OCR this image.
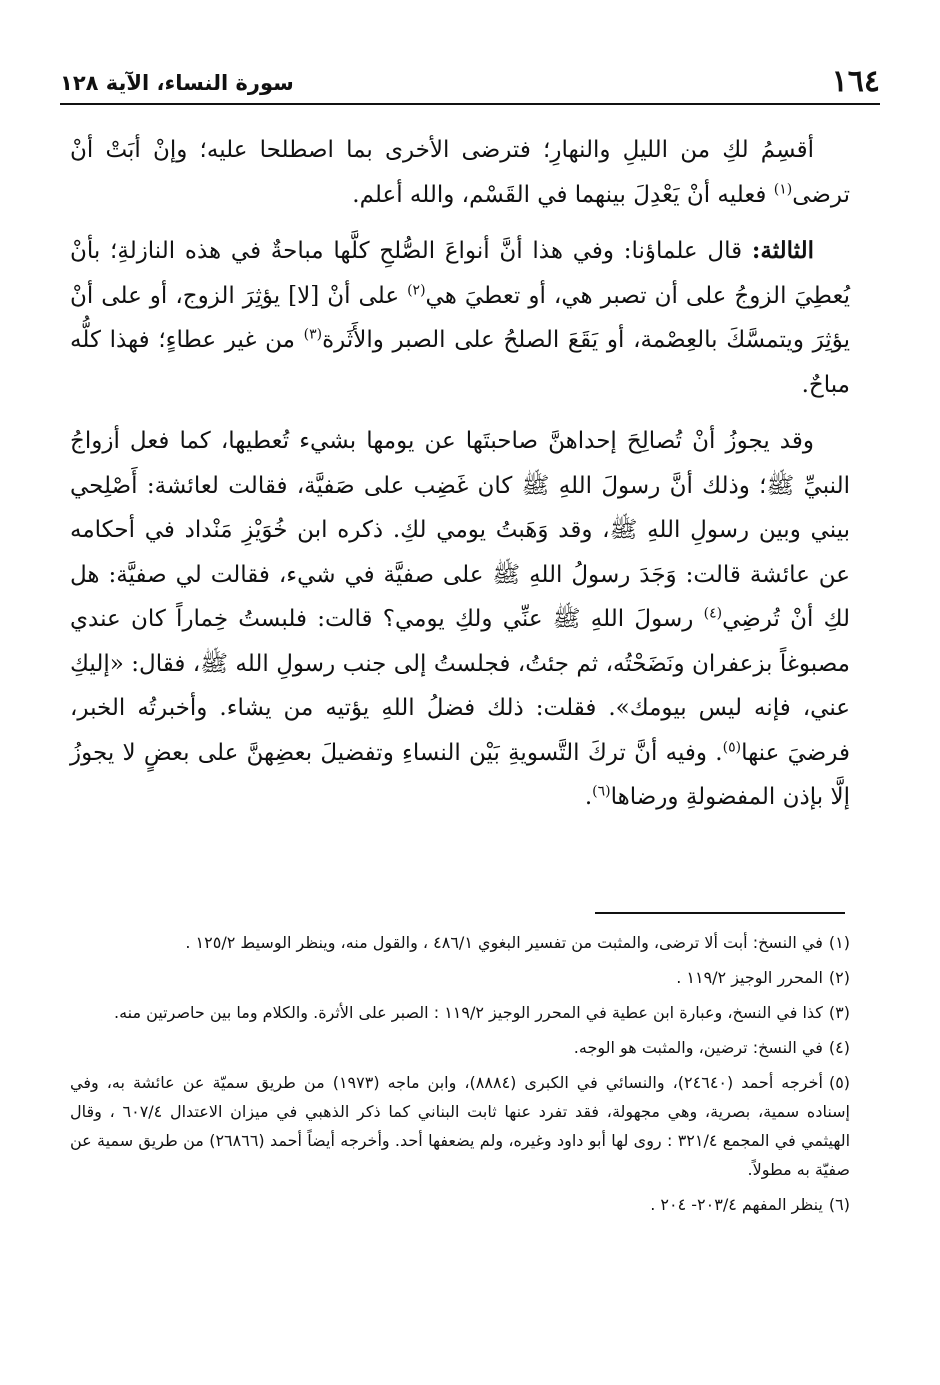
١٦٤
سورة النساء، الآية ١٢٨

أقسِمُ لكِ من الليلِ والنهارِ؛ فترضى الأخرى بما اصطلحا عليه؛ وإنْ أبَتْ أنْ ترضى$^{(١)}$ فعليه أنْ يَعْدِلَ بينهما في القَسْم، والله أعلم.

الثالثة: قال علماؤنا: وفي هذا أنَّ أنواعَ الصُّلحِ كلَّها مباحةٌ في هذه النازلةِ؛ بأنْ يُعطِيَ الزوجُ على أن تصبر هي، أو تعطيَ هي$^{(٢)}$ على أنْ [لا] يؤثِرَ الزوج، أو على أنْ يؤثِرَ ويتمسَّكَ بالعِصْمة، أو يَقَعَ الصلحُ على الصبر والأَثَرة$^{(٣)}$ من غير عطاءٍ؛ فهذا كلُّه مباحٌ.

وقد يجوزُ أنْ تُصالِحَ إحداهنَّ صاحبتَها عن يومها بشيء تُعطيها، كما فعل أزواجُ النبيِّ ﷺ؛ وذلك أنَّ رسولَ اللهِ ﷺ كان غَضِب على صَفيَّة، فقالت لعائشة: أَصْلِحي بيني وبين رسولِ اللهِ ﷺ، وقد وَهَبتُ يومي لكِ. ذكره ابن خُوَيْزِ مَنْداد في أحكامه عن عائشة قالت: وَجَدَ رسولُ اللهِ ﷺ على صفيَّة في شيء، فقالت لي صفيَّة: هل لكِ أنْ تُرضِي$^{(٤)}$ رسولَ اللهِ ﷺ عنِّي ولكِ يومي؟ قالت: فلبستُ خِماراً كان عندي مصبوغاً بزعفران ونَضَحْتُه، ثم جئتُ، فجلستُ إلى جنب رسولِ الله ﷺ، فقال: «إليكِ عني، فإنه ليس بيومك». فقلت: ذلك فضلُ اللهِ يؤتيه من يشاء. وأخبرتُه الخبر، فرضيَ عنها$^{(٥)}$. وفيه أنَّ تركَ التَّسويةِ بَيْن النساءِ وتفضيلَ بعضِهنَّ على بعضٍ لا يجوزُ إلَّا بإذن المفضولةِ ورضاها$^{(٦)}$.

(١)في النسخ: أبت ألا ترضى، والمثبت من تفسير البغوي ٤٨٦/١ ، والقول منه، وينظر الوسيط ١٢٥/٢ .

(٢)المحرر الوجيز ١١٩/٢ .

(٣)كذا في النسخ، وعبارة ابن عطية في المحرر الوجيز ١١٩/٢ : الصبر على الأثرة. والكلام وما بين حاصرتين منه.

(٤)في النسخ: ترضين، والمثبت هو الوجه.

(٥)أخرجه أحمد (٢٤٦٤٠)، والنسائي في الكبرى (٨٨٨٤)، وابن ماجه (١٩٧٣) من طريق سميّة عن عائشة به، وفي إسناده سمية، بصرية، وهي مجهولة، فقد تفرد عنها ثابت البناني كما ذكر الذهبي في ميزان الاعتدال ٦٠٧/٤ ، وقال الهيثمي في المجمع ٣٢١/٤ : روى لها أبو داود وغيره، ولم يضعفها أحد. وأخرجه أيضاً أحمد (٢٦٨٦٦) من طريق سمية عن صفيّة به مطولاً.

(٦)ينظر المفهم ٢٠٣/٤- ٢٠٤ .
